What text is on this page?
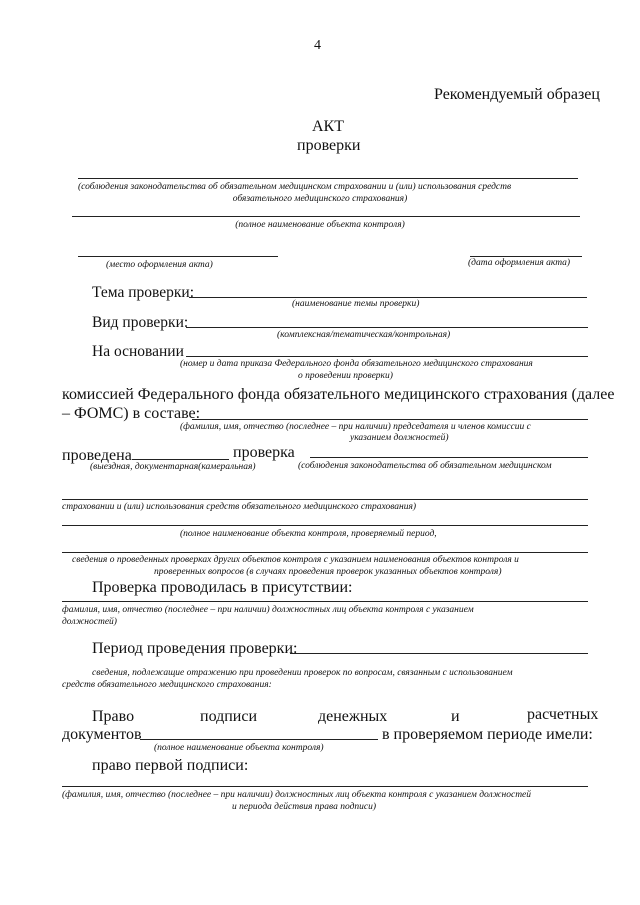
4
Рекомендуемый образец
АКТ
проверки
(соблюдения законодательства об обязательном медицинском страховании и (или) использования средств
обязательного медицинского страхования)
(полное наименование объекта контроля)
(место оформления акта)	(дата оформления акта)
Тема проверки:
(наименование темы проверки)
Вид проверки:
(комплексная/тематическая/контрольная)
На основании
(номер и дата приказа Федерального фонда обязательного медицинского страхования
о проведении проверки)
комиссией Федерального фонда обязательного медицинского страхования (далее
– ФОМС) в составе:
(фамилия, имя, отчество (последнее – при наличии) председателя и членов комиссии с
указанием должностей)
проведена	проверка
(выездная, документарная(камеральная)	(соблюдения законодательства об обязательном медицинском
страховании и (или) использования средств обязательного медицинского страхования)
(полное наименование объекта контроля, проверяемый период,
сведения о проведенных проверках других объектов контроля с указанием наименования объектов контроля и
проверенных вопросов (в случаях проведения проверок указанных объектов контроля)
Проверка проводилась в присутствии:
фамилия, имя, отчество (последнее – при наличии) должностных лиц объекта контроля с указанием
должностей)
Период проведения проверки:
сведения, подлежащие отражению при проведении проверок по вопросам, связанным с использованием
средств обязательного медицинского страхования:
Право	подписи	денежных	и	расчетных
документов	в проверяемом периоде имели:
(полное наименование объекта контроля)
право первой подписи:
(фамилия, имя, отчество (последнее – при наличии) должностных лиц объекта контроля с указанием должностей
и периода действия права подписи)
